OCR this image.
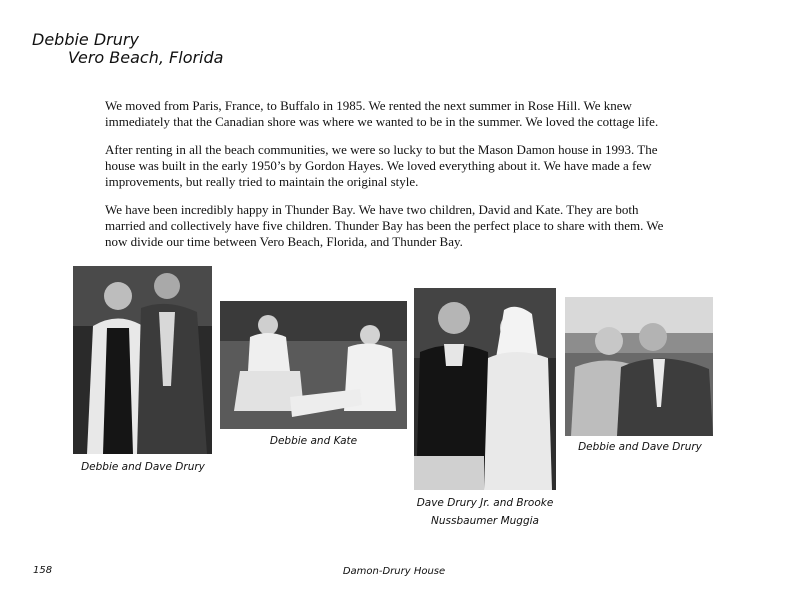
Debbie Drury
Vero Beach, Florida

We moved from Paris, France, to Buffalo in 1985. We rented the next summer in Rose Hill. We knew immediately that the Canadian shore was where we wanted to be in the summer. We loved the cottage life.

After renting in all the beach communities, we were so lucky to but the Mason Damon house in 1993. The house was built in the early 1950’s by Gordon Hayes. We loved everything about it. We have made a few improvements, but really tried to maintain the original style.

We have been incredibly happy in Thunder Bay. We have two children, David and Kate. They are both married and collectively have five children. Thunder Bay has been the perfect place to share with them. We now divide our time between Vero Beach, Florida, and Thunder Bay.

Debbie and Dave Drury
Debbie and Kate
Dave Drury Jr. and Brooke
Nussbaumer Muggia
Debbie and Dave Drury
158	Damon-Drury House
